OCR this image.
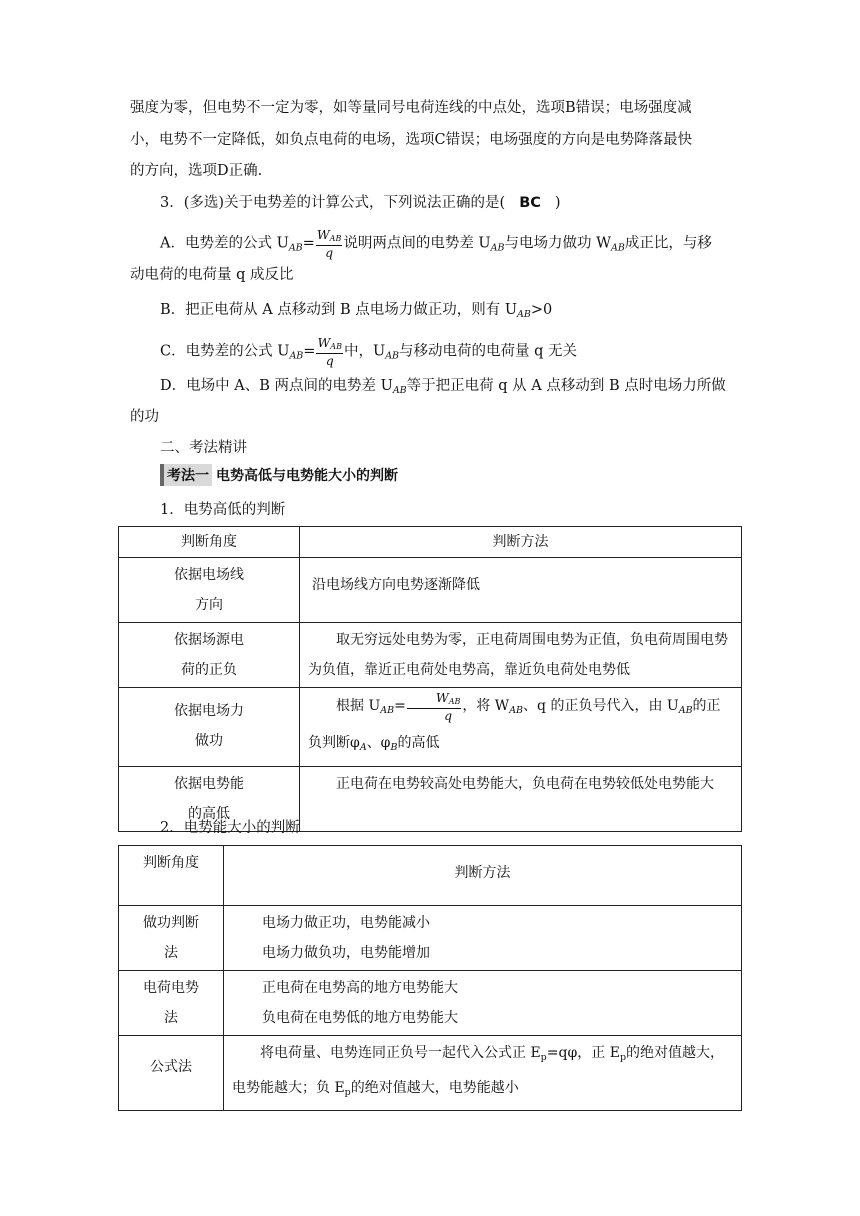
强度为零，但电势不一定为零，如等量同号电荷连线的中点处，选项B错误；电场强度减
小，电势不一定降低，如负点电荷的电场，选项C错误；电场强度的方向是电势降落最快
的方向，选项D正确.
3．(多选)关于电势差的计算公式，下列说法正确的是( BC )
A．电势差的公式 $U_{AB}= \frac{W_{AB}}{q}$ 说明两点间的电势差 $U_{AB}$与电场力做功 $W_{AB}$成正比，与移
动电荷的电荷量 q 成反比
B．把正电荷从 A 点移动到 B 点电场力做正功，则有 $U_{AB}>0$
C．电势差的公式 $U_{AB}= \frac{W_{AB}}{q}$ 中，$U_{AB}$与移动电荷的电荷量 q 无关
D．电场中 A、B 两点间的电势差 $U_{AB}$等于把正电荷 q 从 A 点移动到 B 点时电场力所做
的功
二、考法精讲
考法一 电势高低与电势能大小的判断
1．电势高低的判断
判断角度	判断方法

依据电场线方向	沿电场线方向电势逐渐降低

依据场源电荷的正负	取无穷远处电势为零，正电荷周围电势为正值，负电荷周围电势为负值，靠近正电荷处电势高，靠近负电荷处电势低

依据电场力做功	根据 $U_{AB}= \frac{W_{AB}}{q}$ ，将 $W_{AB}$、q 的正负号代入，由 $U_{AB}$的正负判断$\varphi_A$、$\varphi_B$的高低

依据电势能的高低	正电荷在电势较高处电势能大，负电荷在电势较低处电势能大
2．电势能大小的判断
判断角度	判断方法

做功判断法	电场力做正功，电势能减小
电场力做负功，电势能增加

电荷电势法	正电荷在电势高的地方电势能大
负电荷在电势低的地方电势能大

公式法	将电荷量、电势连同正负号一起代入公式正 $E_p=q\varphi$，正 $E_p$的绝对值越大，电势能越大；负 $E_p$的绝对值越大，电势能越小
